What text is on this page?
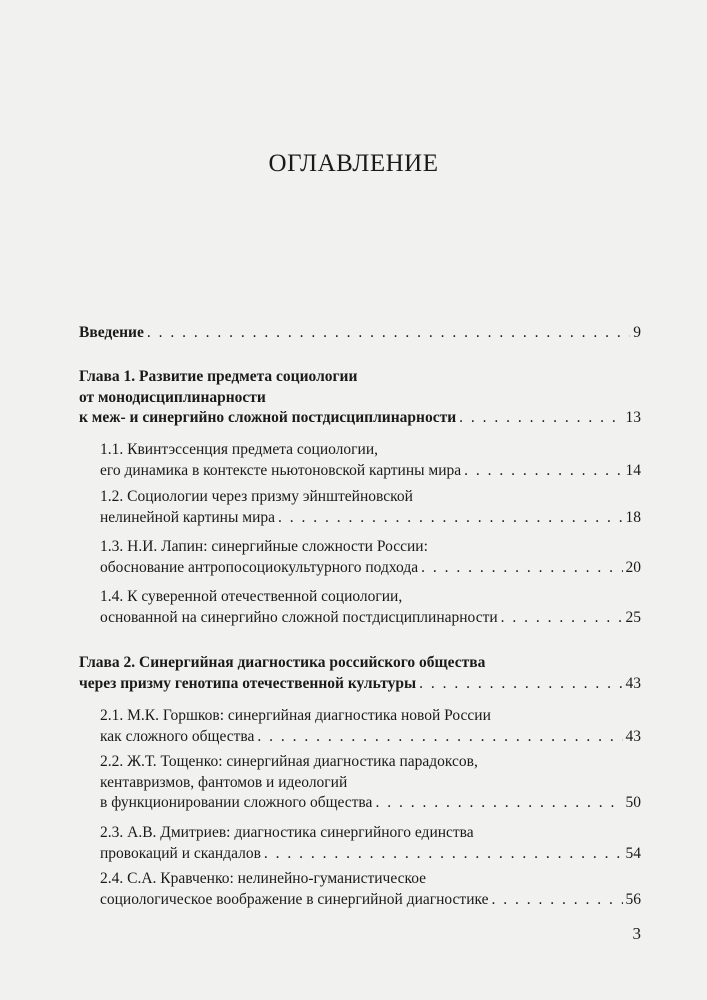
ОГЛАВЛЕНИЕ
Введение . . .	9
Глава 1. Развитие предмета социологии
от монодисциплинарности
к меж- и синергийно сложной постдисциплинарности . . .	13
1.1. Квинтэссенция предмета социологии,
его динамика в контексте ньютоновской картины мира . . .	14
1.2. Социологии через призму эйнштейновской
нелинейной картины мира . . .	18
1.3. Н.И. Лапин: синергийные сложности России:
обоснование антропосоциокультурного подхода . . .	20
1.4. К суверенной отечественной социологии,
основанной на синергийно сложной постдисциплинарности . . .	25
Глава 2. Синергийная диагностика российского общества
через призму генотипа отечественной культуры . . .	43
2.1. М.К. Горшков: синергийная диагностика новой России
как сложного общества . . .	43
2.2. Ж.Т. Тощенко: синергийная диагностика парадоксов,
кентавризмов, фантомов и идеологий
в функционировании сложного общества . . .	50
2.3. А.В. Дмитриев: диагностика синергийного единства
провокаций и скандалов . . .	54
2.4. С.А. Кравченко: нелинейно-гуманистическое
социологическое воображение в синергийной диагностике . . .	56
3
